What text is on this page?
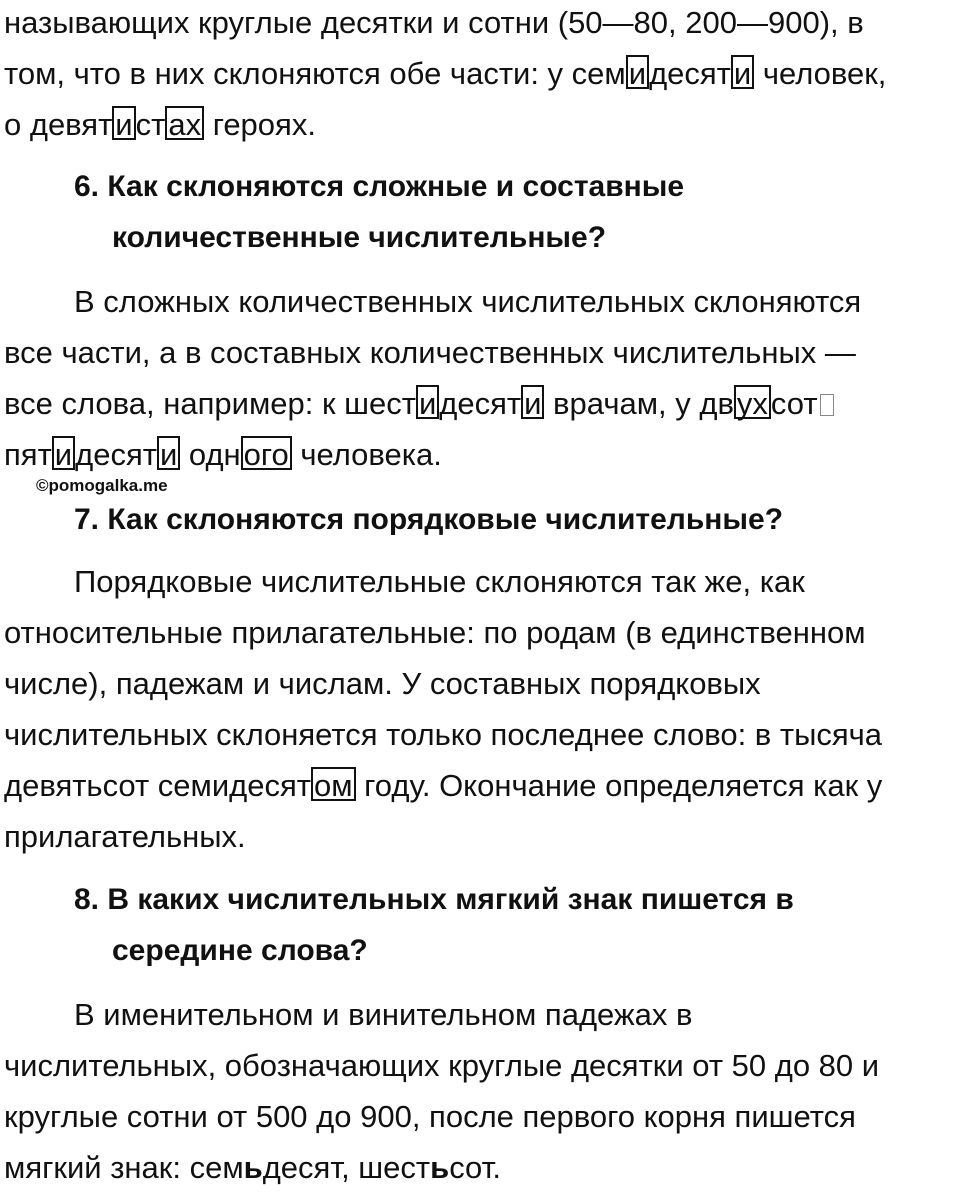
называющих круглые десятки и сотни (50—80, 200—900), в
том, что в них склоняются обе части: у семидесяти человек,
о девятистах героях.
6. Как склоняются сложные и составные
количественные числительные?
В сложных количественных числительных склоняются
все части, а в составных количественных числительных —
все слова, например: к шестидесяти врачам, у двухсот
пятидесяти одного человека.
©pomogalka.me
7. Как склоняются порядковые числительные?
Порядковые числительные склоняются так же, как
относительные прилагательные: по родам (в единственном
числе), падежам и числам. У составных порядковых
числительных склоняется только последнее слово: в тысяча
девятьсот семидесятом году. Окончание определяется как у
прилагательных.
8. В каких числительных мягкий знак пишется в
середине слова?
В именительном и винительном падежах в
числительных, обозначающих круглые десятки от 50 до 80 и
круглые сотни от 500 до 900, после первого корня пишется
мягкий знак: семьдесят, шестьсот.
